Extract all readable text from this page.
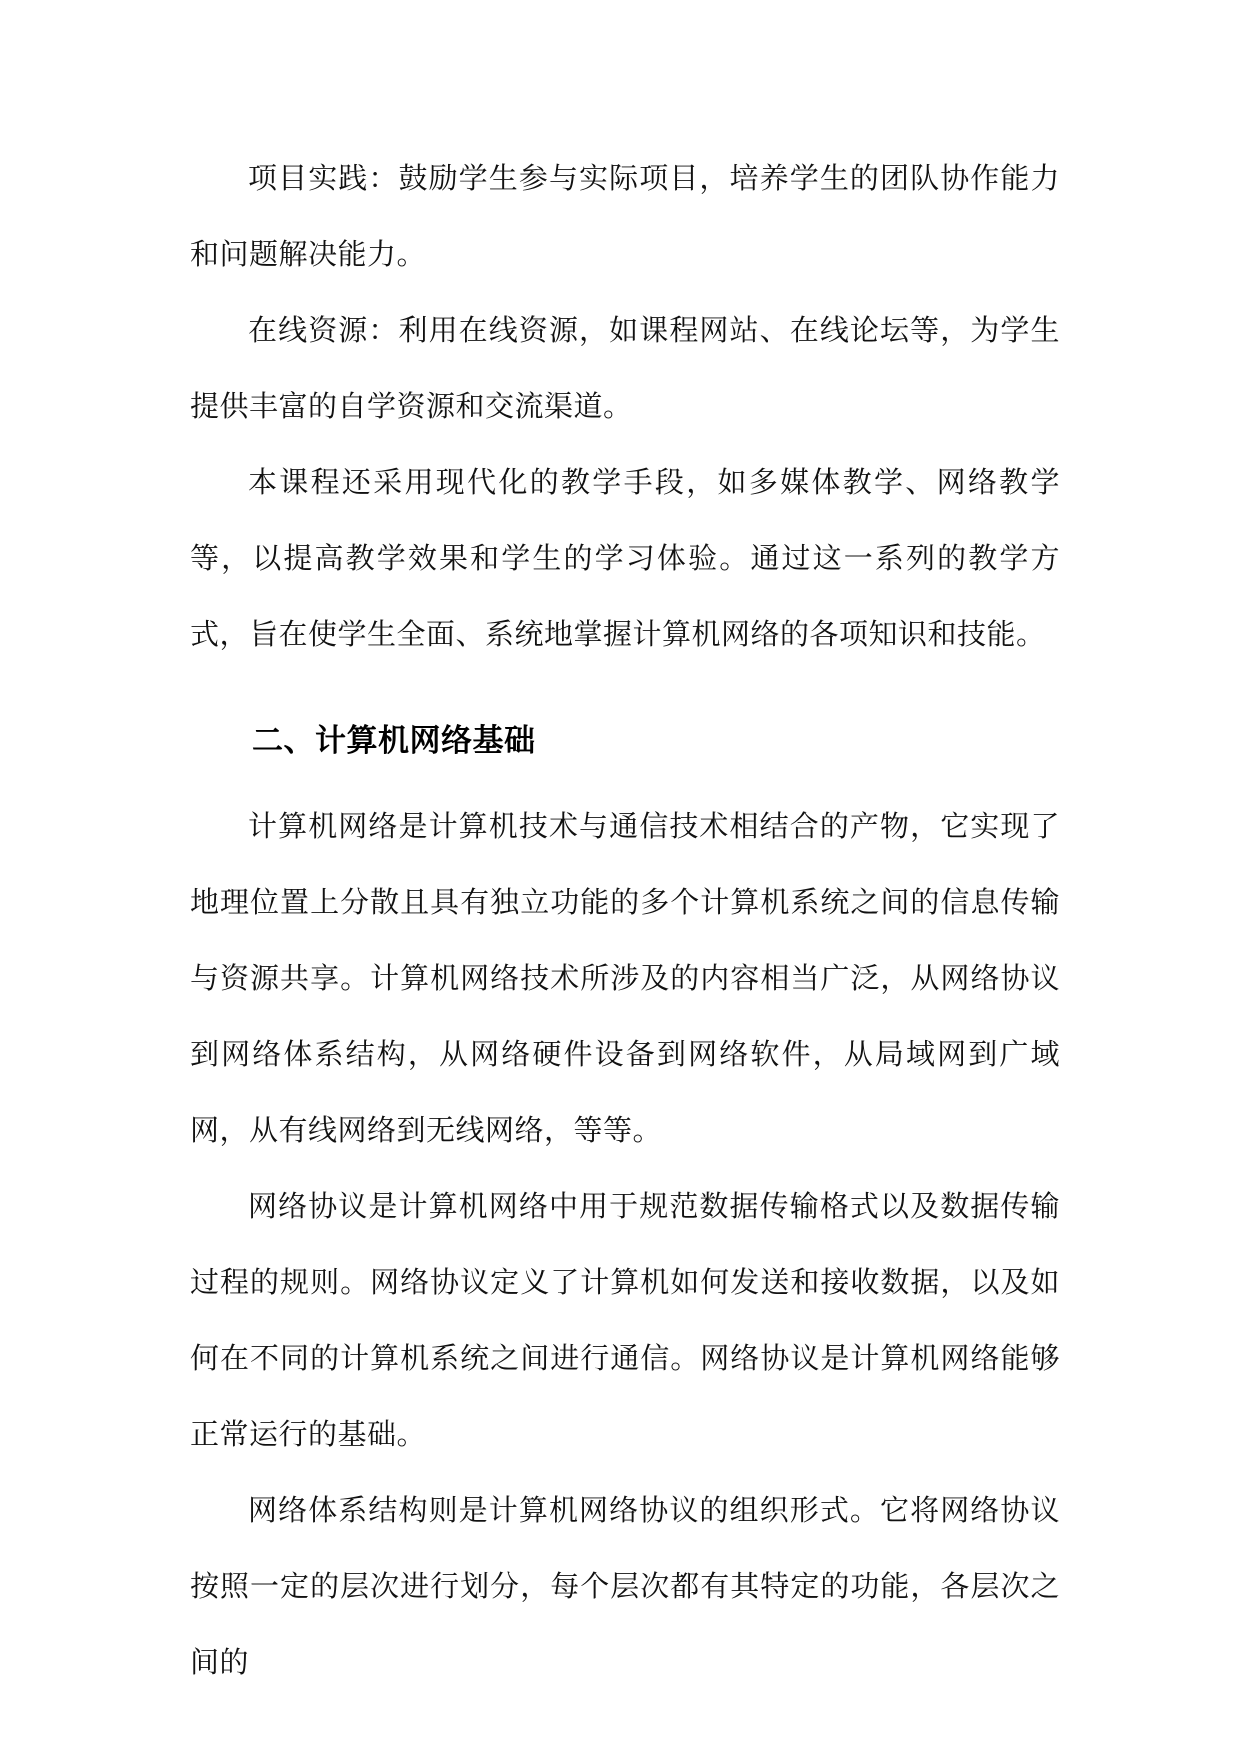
项目实践：鼓励学生参与实际项目，培养学生的团队协作能力和问题解决能力。

在线资源：利用在线资源，如课程网站、在线论坛等，为学生提供丰富的自学资源和交流渠道。

本课程还采用现代化的教学手段，如多媒体教学、网络教学等，以提高教学效果和学生的学习体验。通过这一系列的教学方式，旨在使学生全面、系统地掌握计算机网络的各项知识和技能。

二、计算机网络基础

计算机网络是计算机技术与通信技术相结合的产物，它实现了地理位置上分散且具有独立功能的多个计算机系统之间的信息传输与资源共享。计算机网络技术所涉及的内容相当广泛，从网络协议到网络体系结构，从网络硬件设备到网络软件，从局域网到广域网，从有线网络到无线网络，等等。

网络协议是计算机网络中用于规范数据传输格式以及数据传输过程的规则。网络协议定义了计算机如何发送和接收数据，以及如何在不同的计算机系统之间进行通信。网络协议是计算机网络能够正常运行的基础。

网络体系结构则是计算机网络协议的组织形式。它将网络协议按照一定的层次进行划分，每个层次都有其特定的功能，各层次之间的
